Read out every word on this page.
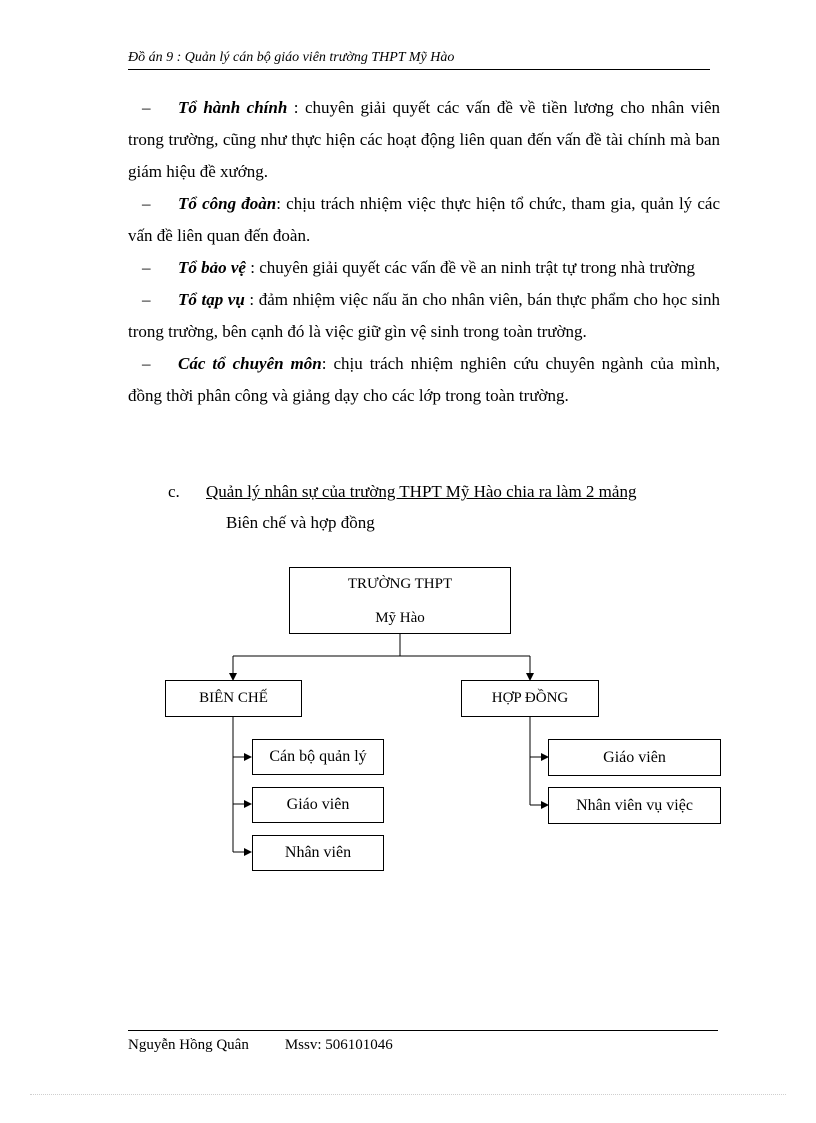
Đồ án 9 : Quản lý cán bộ giáo viên trường THPT Mỹ Hào

– Tổ hành chính : chuyên giải quyết các vấn đề về tiền lương cho nhân viên trong trường, cũng như thực hiện các hoạt động liên quan đến vấn đề tài chính mà ban giám hiệu đề xướng.

– Tổ công đoàn: chịu trách nhiệm việc thực hiện tổ chức, tham gia, quản lý các vấn đề liên quan đến đoàn.

– Tổ bảo vệ : chuyên giải quyết các vấn đề về an ninh trật tự trong nhà trường

– Tổ tạp vụ : đảm nhiệm việc nấu ăn cho nhân viên, bán thực phẩm cho học sinh trong trường, bên cạnh đó là việc giữ gìn vệ sinh trong toàn trường.

– Các tổ chuyên môn: chịu trách nhiệm nghiên cứu chuyên ngành của mình, đồng thời phân công và giảng dạy cho các lớp trong toàn trường.

c. Quản lý nhân sự của trường THPT Mỹ Hào chia ra làm 2 mảng
Biên chế và hợp đồng
TRƯỜNG THPT
Mỹ Hào
BIÊN CHẾ	HỢP ĐỒNG
Cán bộ quản lý
Giáo viên
Nhân viên
Giáo viên
Nhân viên vụ việc
Nguyễn Hồng Quân Mssv: 506101046
